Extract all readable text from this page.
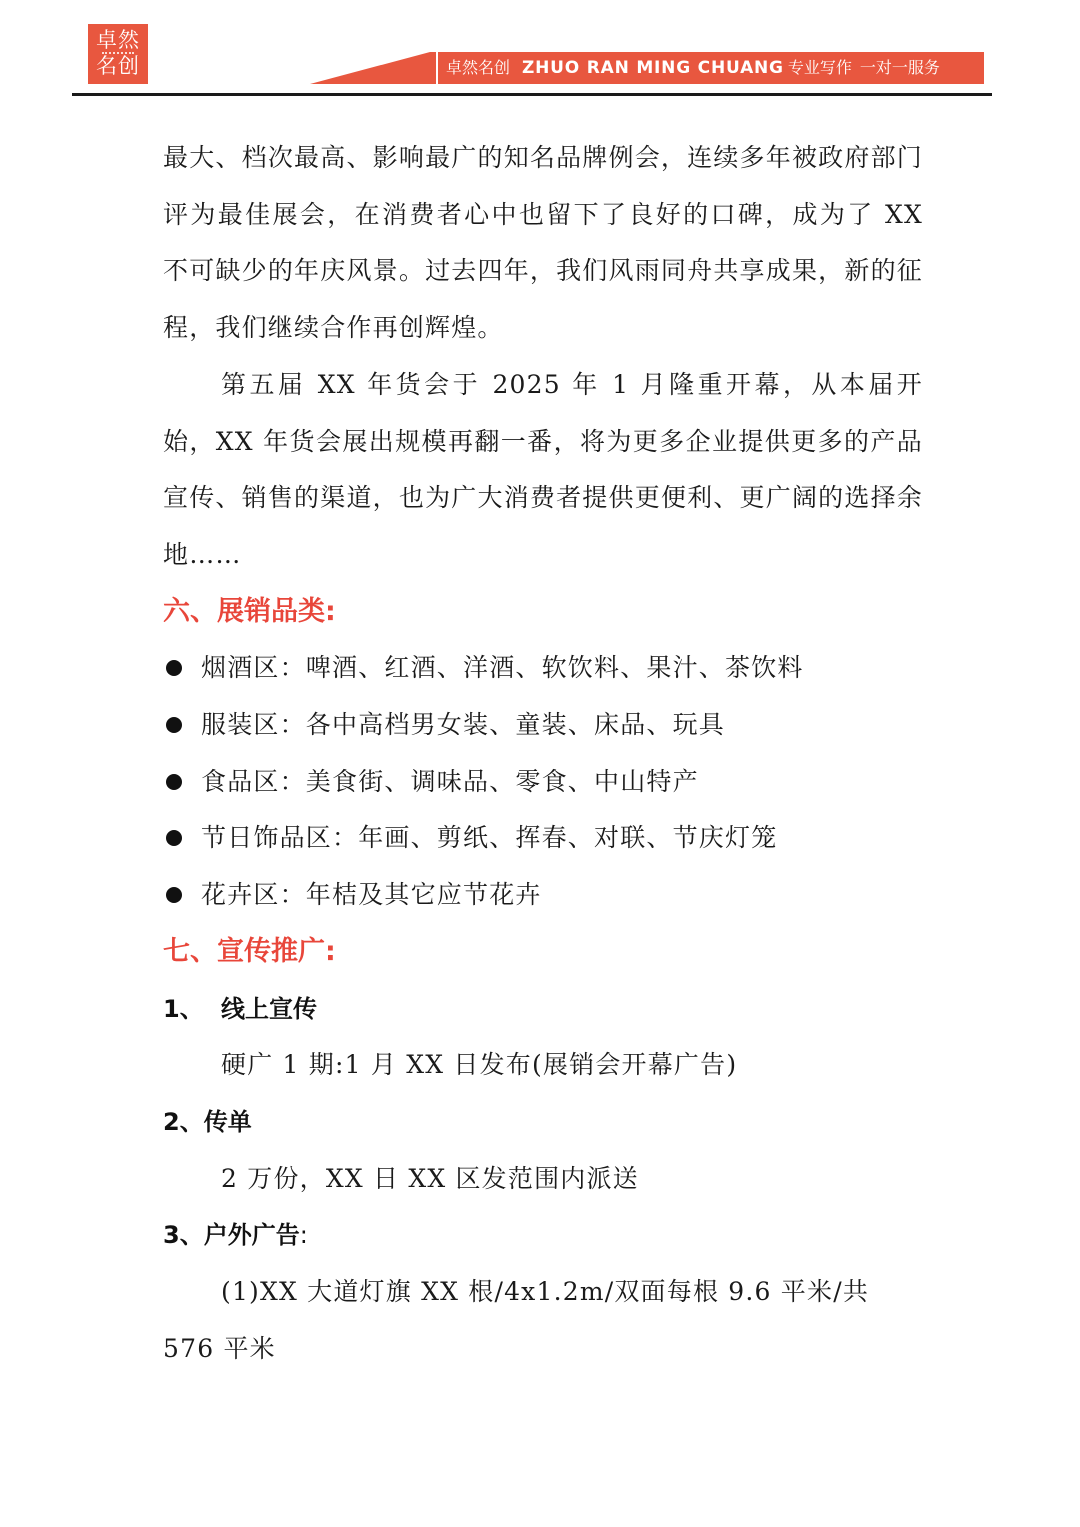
卓然
名创	卓然名创 ZHUO RAN MING CHUANG 专业写作 一对一服务

最大、档次最高、影响最广的知名品牌例会，连续多年被政府部门评为最佳展会，在消费者心中也留下了良好的口碑，成为了 XX 不可缺少的年庆风景。过去四年，我们风雨同舟共享成果，新的征程，我们继续合作再创辉煌。

第五届 XX 年货会于 2025 年 1 月隆重开幕，从本届开始，XX 年货会展出规模再翻一番，将为更多企业提供更多的产品宣传、销售的渠道，也为广大消费者提供更便利、更广阔的选择余地……

六、展销品类:
烟酒区：啤酒、红酒、洋酒、软饮料、果汁、茶饮料
服装区：各中高档男女装、童装、床品、玩具
食品区：美食街、调味品、零食、中山特产
节日饰品区：年画、剪纸、挥春、对联、节庆灯笼
花卉区：年桔及其它应节花卉
七、宣传推广:

1、 线上宣传

硬广 1 期:1 月 XX 日发布(展销会开幕广告)

2、传单

2 万份，XX 日 XX 区发范围内派送

3、户外广告:

(1)XX 大道灯旗 XX 根/4x1.2m/双面每根 9.6 平米/共 576 平米
